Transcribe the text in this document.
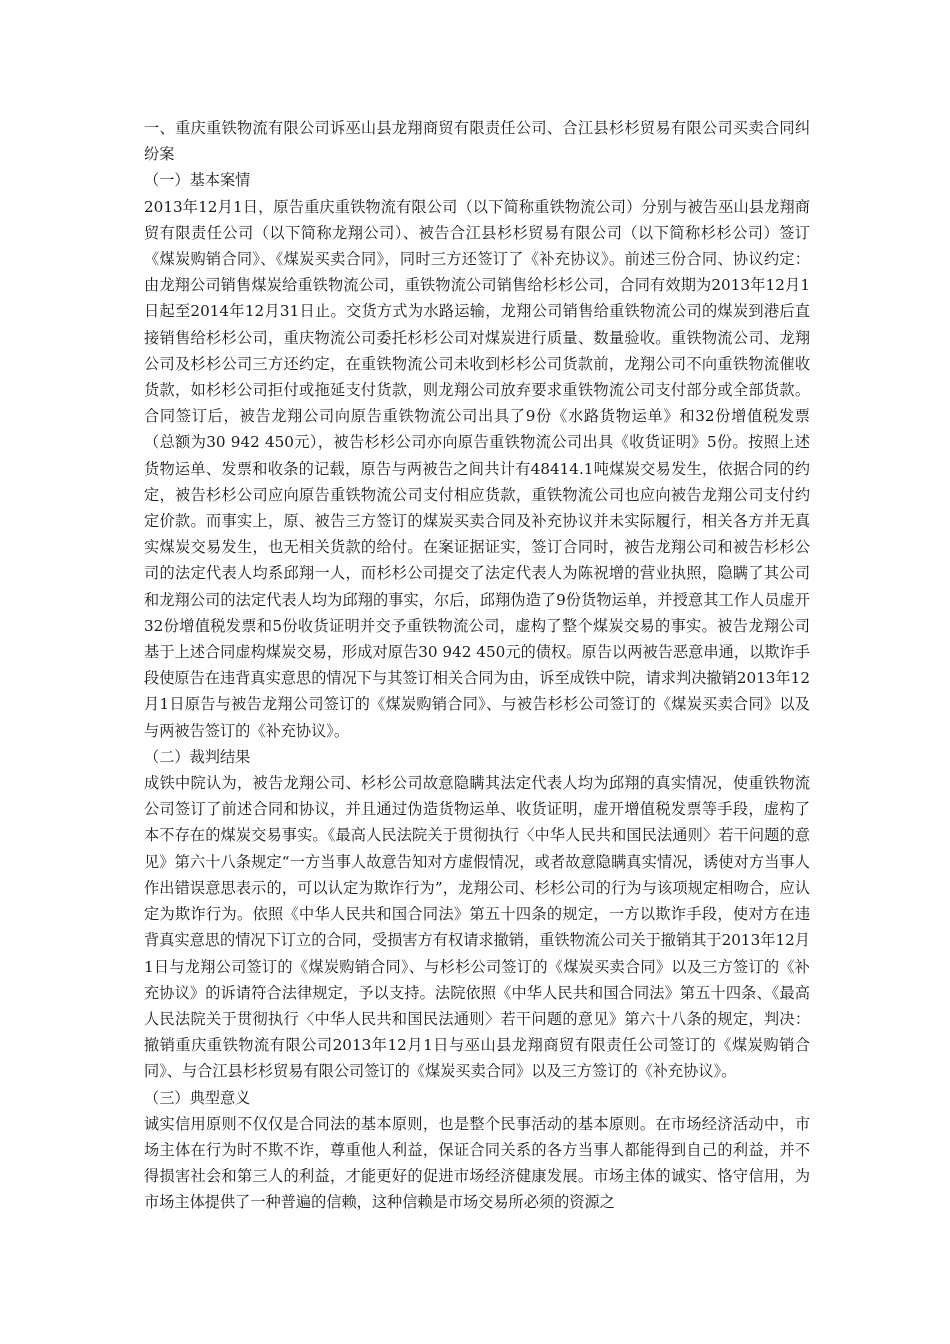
一、重庆重铁物流有限公司诉巫山县龙翔商贸有限责任公司、合江县杉杉贸易有限公司买卖合同纠纷案

（一）基本案情

2013年12月1日，原告重庆重铁物流有限公司（以下简称重铁物流公司）分别与被告巫山县龙翔商贸有限责任公司（以下简称龙翔公司）、被告合江县杉杉贸易有限公司（以下简称杉杉公司）签订《煤炭购销合同》、《煤炭买卖合同》，同时三方还签订了《补充协议》。前述三份合同、协议约定：由龙翔公司销售煤炭给重铁物流公司，重铁物流公司销售给杉杉公司，合同有效期为2013年12月1日起至2014年12月31日止。交货方式为水路运输，龙翔公司销售给重铁物流公司的煤炭到港后直接销售给杉杉公司，重庆物流公司委托杉杉公司对煤炭进行质量、数量验收。重铁物流公司、龙翔公司及杉杉公司三方还约定，在重铁物流公司未收到杉杉公司货款前，龙翔公司不向重铁物流催收货款，如杉杉公司拒付或拖延支付货款，则龙翔公司放弃要求重铁物流公司支付部分或全部货款。合同签订后，被告龙翔公司向原告重铁物流公司出具了9份《水路货物运单》和32份增值税发票（总额为30 942 450元），被告杉杉公司亦向原告重铁物流公司出具《收货证明》5份。按照上述货物运单、发票和收条的记载，原告与两被告之间共计有48414.1吨煤炭交易发生，依据合同的约定，被告杉杉公司应向原告重铁物流公司支付相应货款，重铁物流公司也应向被告龙翔公司支付约定价款。而事实上，原、被告三方签订的煤炭买卖合同及补充协议并未实际履行，相关各方并无真实煤炭交易发生，也无相关货款的给付。在案证据证实，签订合同时，被告龙翔公司和被告杉杉公司的法定代表人均系邱翔一人，而杉杉公司提交了法定代表人为陈祝增的营业执照，隐瞒了其公司和龙翔公司的法定代表人均为邱翔的事实，尔后，邱翔伪造了9份货物运单，并授意其工作人员虚开32份增值税发票和5份收货证明并交予重铁物流公司，虚构了整个煤炭交易的事实。被告龙翔公司基于上述合同虚构煤炭交易，形成对原告30 942 450元的债权。原告以两被告恶意串通，以欺诈手段使原告在违背真实意思的情况下与其签订相关合同为由，诉至成铁中院，请求判决撤销2013年12月1日原告与被告龙翔公司签订的《煤炭购销合同》、与被告杉杉公司签订的《煤炭买卖合同》以及与两被告签订的《补充协议》。

（二）裁判结果

成铁中院认为，被告龙翔公司、杉杉公司故意隐瞒其法定代表人均为邱翔的真实情况，使重铁物流公司签订了前述合同和协议，并且通过伪造货物运单、收货证明，虚开增值税发票等手段，虚构了本不存在的煤炭交易事实。《最高人民法院关于贯彻执行〈中华人民共和国民法通则〉若干问题的意见》第六十八条规定“一方当事人故意告知对方虚假情况，或者故意隐瞒真实情况，诱使对方当事人作出错误意思表示的，可以认定为欺诈行为”，龙翔公司、杉杉公司的行为与该项规定相吻合，应认定为欺诈行为。依照《中华人民共和国合同法》第五十四条的规定，一方以欺诈手段，使对方在违背真实意思的情况下订立的合同，受损害方有权请求撤销，重铁物流公司关于撤销其于2013年12月1日与龙翔公司签订的《煤炭购销合同》、与杉杉公司签订的《煤炭买卖合同》以及三方签订的《补充协议》的诉请符合法律规定，予以支持。法院依照《中华人民共和国合同法》第五十四条、《最高人民法院关于贯彻执行〈中华人民共和国民法通则〉若干问题的意见》第六十八条的规定，判决：撤销重庆重铁物流有限公司2013年12月1日与巫山县龙翔商贸有限责任公司签订的《煤炭购销合同》、与合江县杉杉贸易有限公司签订的《煤炭买卖合同》以及三方签订的《补充协议》。

（三）典型意义

诚实信用原则不仅仅是合同法的基本原则，也是整个民事活动的基本原则。在市场经济活动中，市场主体在行为时不欺不诈，尊重他人利益，保证合同关系的各方当事人都能得到自己的利益，并不得损害社会和第三人的利益，才能更好的促进市场经济健康发展。市场主体的诚实、恪守信用，为市场主体提供了一种普遍的信赖，这种信赖是市场交易所必须的资源之
